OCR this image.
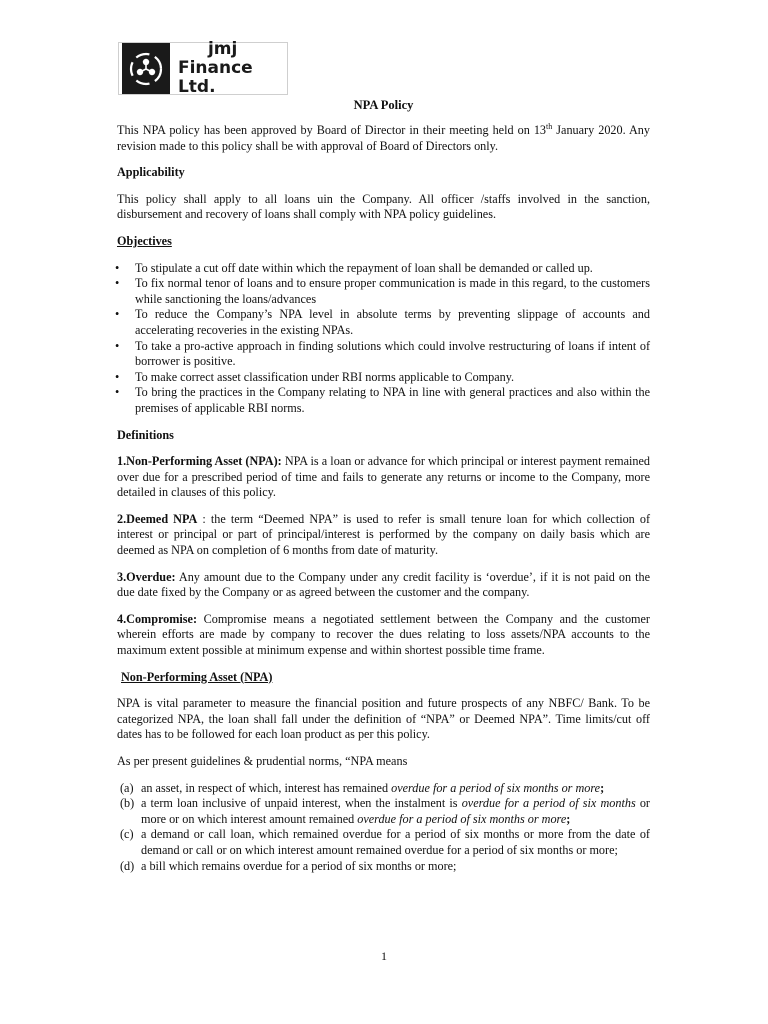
jmj
Finance Ltd.
NPA Policy

This NPA policy has been approved by Board of Director in their meeting held on 13th January 2020. Any revision made to this policy shall be with approval of Board of Directors only.

Applicability

This policy shall apply to all loans uin the Company. All officer /staffs involved in the sanction, disbursement and recovery of loans shall comply with NPA policy guidelines.

Objectives
• To stipulate a cut off date within which the repayment of loan shall be demanded or called up.
• To fix normal tenor of loans and to ensure proper communication is made in this regard, to the customers while sanctioning the loans/advances
• To reduce the Company’s NPA level in absolute terms by preventing slippage of accounts and accelerating recoveries in the existing NPAs.
• To take a pro-active approach in finding solutions which could involve restructuring of loans if intent of borrower is positive.
• To make correct asset classification under RBI norms applicable to Company.
• To bring the practices in the Company relating to NPA in line with general practices and also within the premises of applicable RBI norms.
Definitions

1.Non-Performing Asset (NPA): NPA is a loan or advance for which principal or interest payment remained over due for a prescribed period of time and fails to generate any returns or income to the Company, more detailed in clauses of this policy.

2.Deemed NPA : the term “Deemed NPA” is used to refer is small tenure loan for which collection of interest or principal or part of principal/interest is performed by the company on daily basis which are deemed as NPA on completion of 6 months from date of maturity.

3.Overdue: Any amount due to the Company under any credit facility is ‘overdue’, if it is not paid on the due date fixed by the Company or as agreed between the customer and the company.

4.Compromise: Compromise means a negotiated settlement between the Company and the customer wherein efforts are made by company to recover the dues relating to loss assets/NPA accounts to the maximum extent possible at minimum expense and within shortest possible time frame.

Non-Performing Asset (NPA)

NPA is vital parameter to measure the financial position and future prospects of any NBFC/ Bank. To be categorized NPA, the loan shall fall under the definition of “NPA” or Deemed NPA”. Time limits/cut off dates has to be followed for each loan product as per this policy.

As per present guidelines & prudential norms, “NPA means

(a) an asset, in respect of which, interest has remained overdue for a period of six months or more;
(b) a term loan inclusive of unpaid interest, when the instalment is overdue for a period of six months or more or on which interest amount remained overdue for a period of six months or more;
(c) a demand or call loan, which remained overdue for a period of six months or more from the date of demand or call or on which interest amount remained overdue for a period of six months or more;
(d) a bill which remains overdue for a period of six months or more;
1
